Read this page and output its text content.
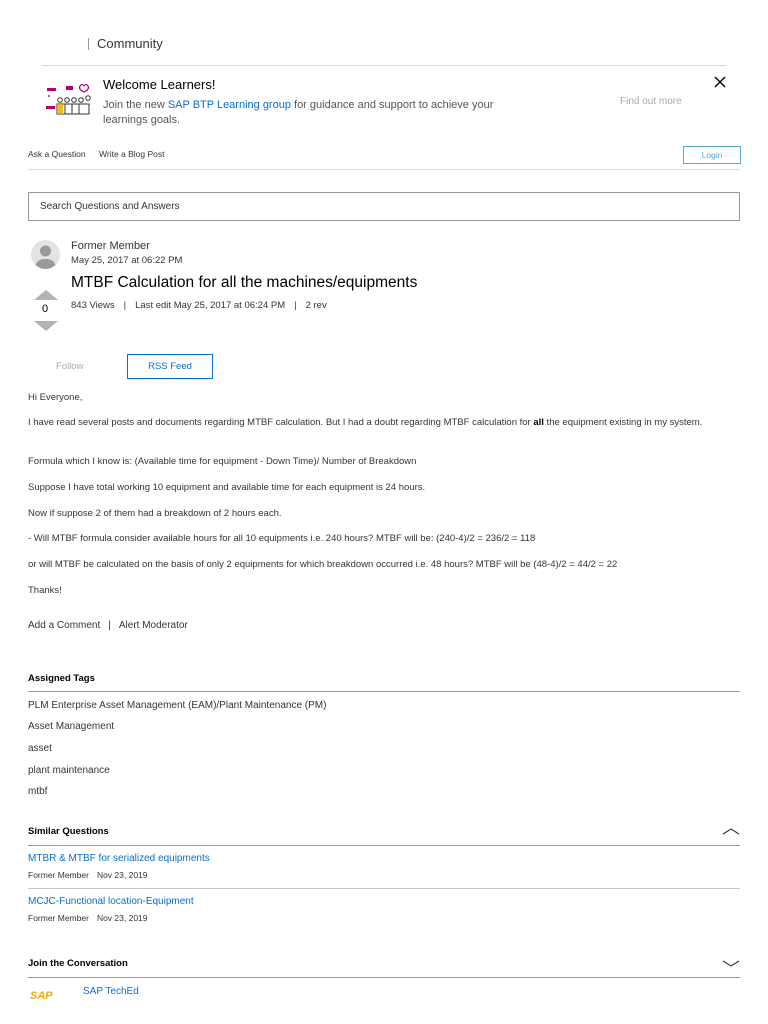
Community
Welcome Learners!
Join the new SAP BTP Learning group for guidance and support to achieve your learnings goals.
Find out more
Ask a Question Write a Blog Post	Login
Search Questions and Answers
Former Member
May 25, 2017 at 06:22 PM
MTBF Calculation for all the machines/equipments
843 Views | Last edit May 25, 2017 at 06:24 PM | 2 rev
0
Follow	RSS Feed
Hi Everyone,
I have read several posts and documents regarding MTBF calculation. But I had a doubt regarding MTBF calculation for all the equipment existing in my system.
Formula which I know is: (Available time for equipment - Down Time)/ Number of Breakdown
Suppose I have total working 10 equipment and available time for each equipment is 24 hours.
Now if suppose 2 of them had a breakdown of 2 hours each.
- Will MTBF formula consider available hours for all 10 equipments i.e. 240 hours? MTBF will be: (240-4)/2 = 236/2 = 118
or will MTBF be calculated on the basis of only 2 equipments for which breakdown occurred i.e. 48 hours? MTBF will be (48-4)/2 = 44/2 = 22
Thanks!
Add a Comment | Alert Moderator
Assigned Tags
PLM Enterprise Asset Management (EAM)/Plant Maintenance (PM)
Asset Management
asset
plant maintenance
mtbf
Similar Questions
MTBR & MTBF for serialized equipments
Former Member Nov 23, 2019
MCJC-Functional location-Equipment
Former Member Nov 23, 2019
Join the Conversation
SAP	SAP TechEd
